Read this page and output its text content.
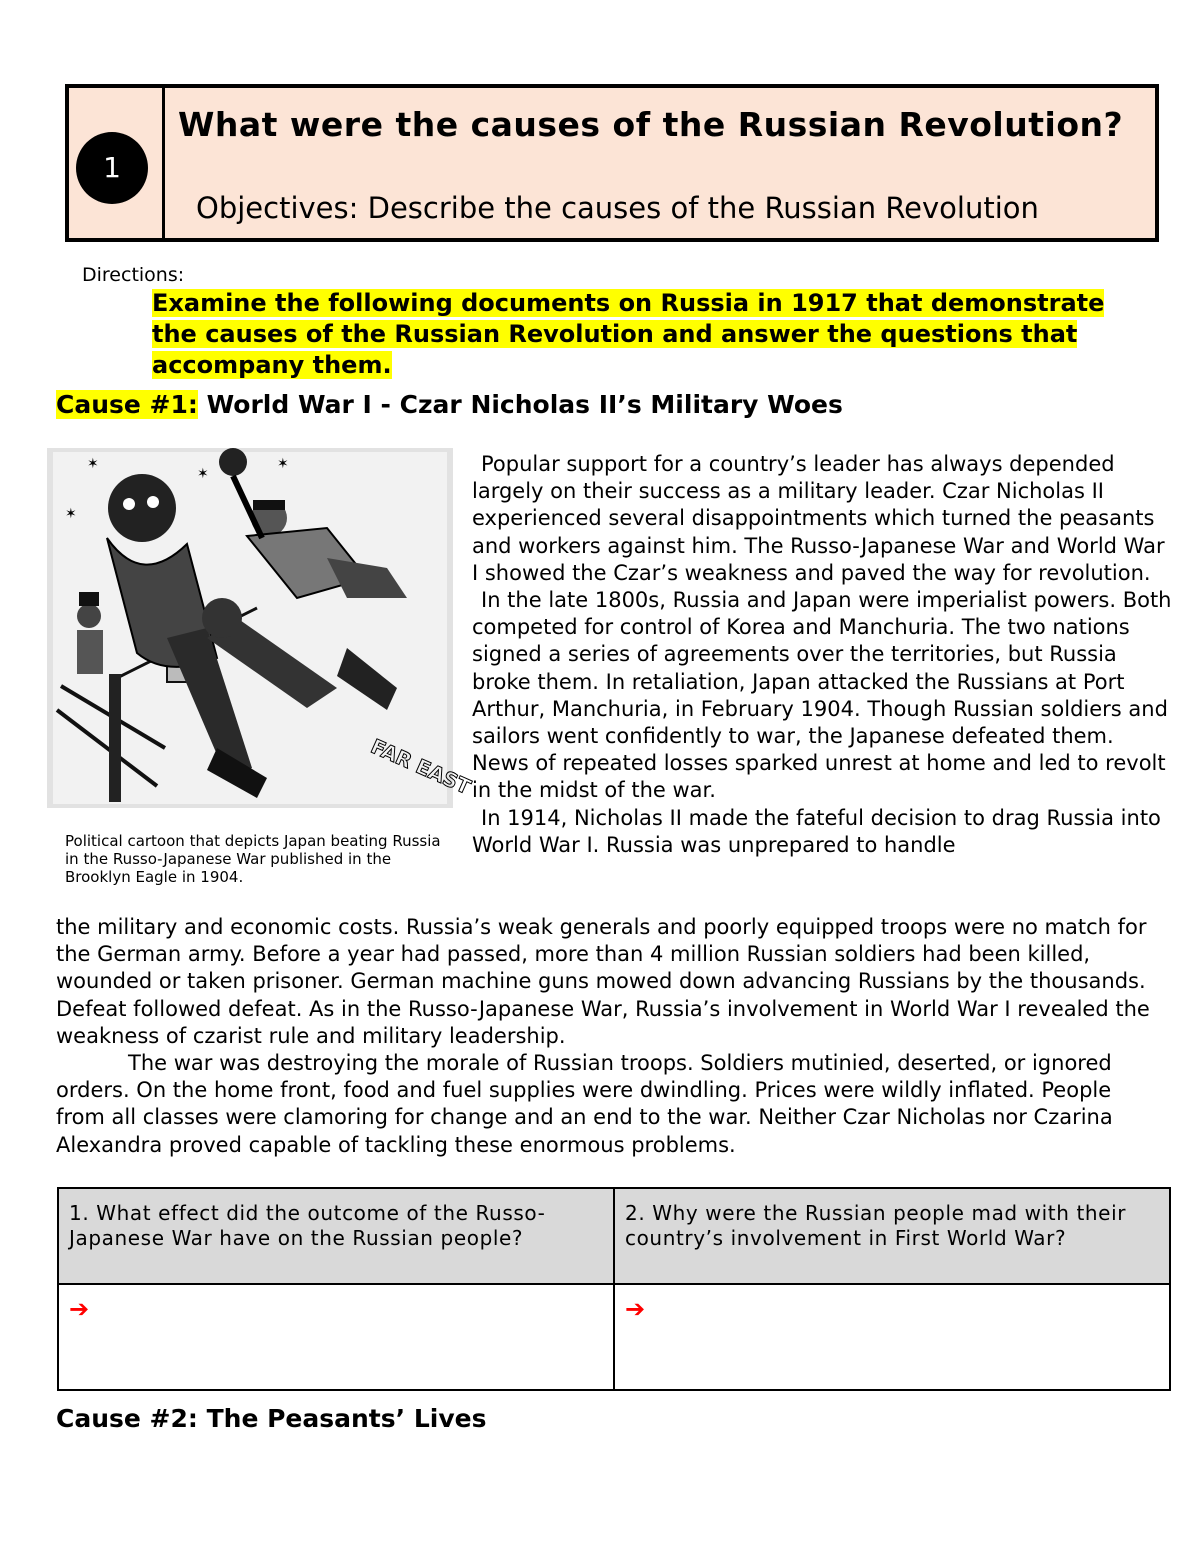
1
What were the causes of the Russian Revolution?
Objectives: Describe the causes of the Russian Revolution
Directions:
Examine the following documents on Russia in 1917 that demonstrate the causes of the Russian Revolution and answer the questions that accompany them.
Cause #1: World War I - Czar Nicholas II’s Military Woes
✶
✶
✶
✶
FAR EAST
Political cartoon that depicts Japan beating Russia in the Russo-Japanese War published in the Brooklyn Eagle in 1904.

Popular support for a country’s leader has always depended largely on their success as a military leader. Czar Nicholas II experienced several disappointments which turned the peasants and workers against him. The Russo-Japanese War and World War I showed the Czar’s weakness and paved the way for revolution.

In the late 1800s, Russia and Japan were imperialist powers. Both competed for control of Korea and Manchuria. The two nations signed a series of agreements over the territories, but Russia broke them. In retaliation, Japan attacked the Russians at Port Arthur, Manchuria, in February 1904. Though Russian soldiers and sailors went confidently to war, the Japanese defeated them. News of repeated losses sparked unrest at home and led to revolt in the midst of the war.

In 1914, Nicholas II made the fateful decision to drag Russia into World War I. Russia was unprepared to handle

the military and economic costs. Russia’s weak generals and poorly equipped troops were no match for the German army. Before a year had passed, more than 4 million Russian soldiers had been killed, wounded or taken prisoner. German machine guns mowed down advancing Russians by the thousands. Defeat followed defeat. As in the Russo-Japanese War, Russia’s involvement in World War I revealed the weakness of czarist rule and military leadership.

The war was destroying the morale of Russian troops. Soldiers mutinied, deserted, or ignored orders. On the home front, food and fuel supplies were dwindling. Prices were wildly inflated. People from all classes were clamoring for change and an end to the war. Neither Czar Nicholas nor Czarina Alexandra proved capable of tackling these enormous problems.

1. What effect did the outcome of the Russo-Japanese War have on the Russian people?	2. Why were the Russian people mad with their country’s involvement in First World War?
➔	➔
Cause #2: The Peasants’ Lives
